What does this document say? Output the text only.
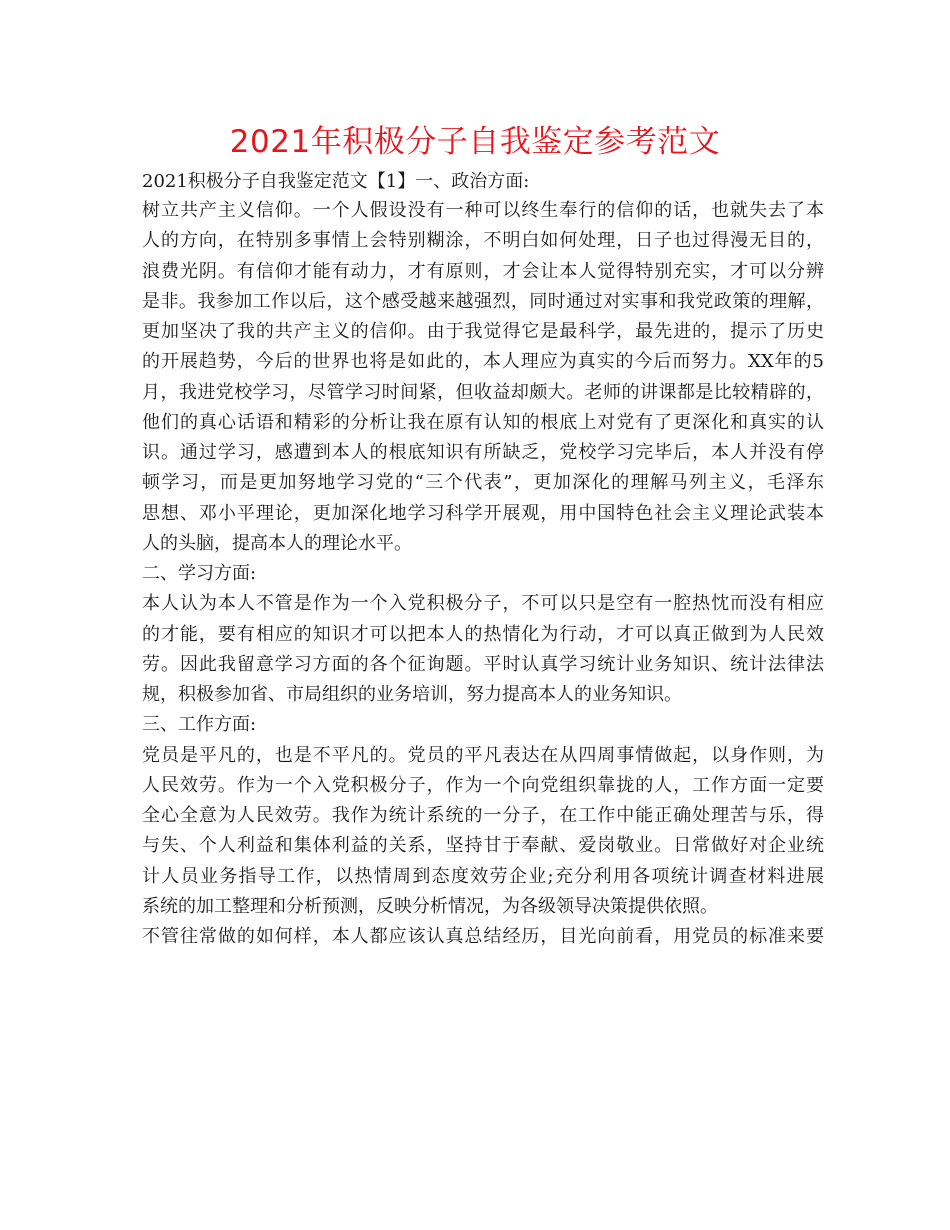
2021年积极分子自我鉴定参考范文
2021积极分子自我鉴定范文【1】一、政治方面:
树立共产主义信仰。一个人假设没有一种可以终生奉行的信仰的话，也就失去了本
人的方向，在特别多事情上会特别糊涂，不明白如何处理，日子也过得漫无目的，
浪费光阴。有信仰才能有动力，才有原则，才会让本人觉得特别充实，才可以分辨
是非。我参加工作以后，这个感受越来越强烈，同时通过对实事和我党政策的理解，
更加坚决了我的共产主义的信仰。由于我觉得它是最科学，最先进的，提示了历史
的开展趋势，今后的世界也将是如此的，本人理应为真实的今后而努力。XX年的5
月，我进党校学习，尽管学习时间紧，但收益却颇大。老师的讲课都是比较精辟的，
他们的真心话语和精彩的分析让我在原有认知的根底上对党有了更深化和真实的认
识。通过学习，感遭到本人的根底知识有所缺乏，党校学习完毕后，本人并没有停
顿学习，而是更加努地学习党的“三个代表”，更加深化的理解马列主义，毛泽东
思想、邓小平理论，更加深化地学习科学开展观，用中国特色社会主义理论武装本
人的头脑，提高本人的理论水平。
二、学习方面:
本人认为本人不管是作为一个入党积极分子，不可以只是空有一腔热忱而没有相应
的才能，要有相应的知识才可以把本人的热情化为行动，才可以真正做到为人民效
劳。因此我留意学习方面的各个征询题。平时认真学习统计业务知识、统计法律法
规，积极参加省、市局组织的业务培训，努力提高本人的业务知识。
三、工作方面:
党员是平凡的，也是不平凡的。党员的平凡表达在从四周事情做起，以身作则，为
人民效劳。作为一个入党积极分子，作为一个向党组织靠拢的人，工作方面一定要
全心全意为人民效劳。我作为统计系统的一分子，在工作中能正确处理苦与乐，得
与失、个人利益和集体利益的关系，坚持甘于奉献、爱岗敬业。日常做好对企业统
计人员业务指导工作，以热情周到态度效劳企业;充分利用各项统计调查材料进展
系统的加工整理和分析预测，反映分析情况，为各级领导决策提供依照。
不管往常做的如何样，本人都应该认真总结经历，目光向前看，用党员的标准来要
